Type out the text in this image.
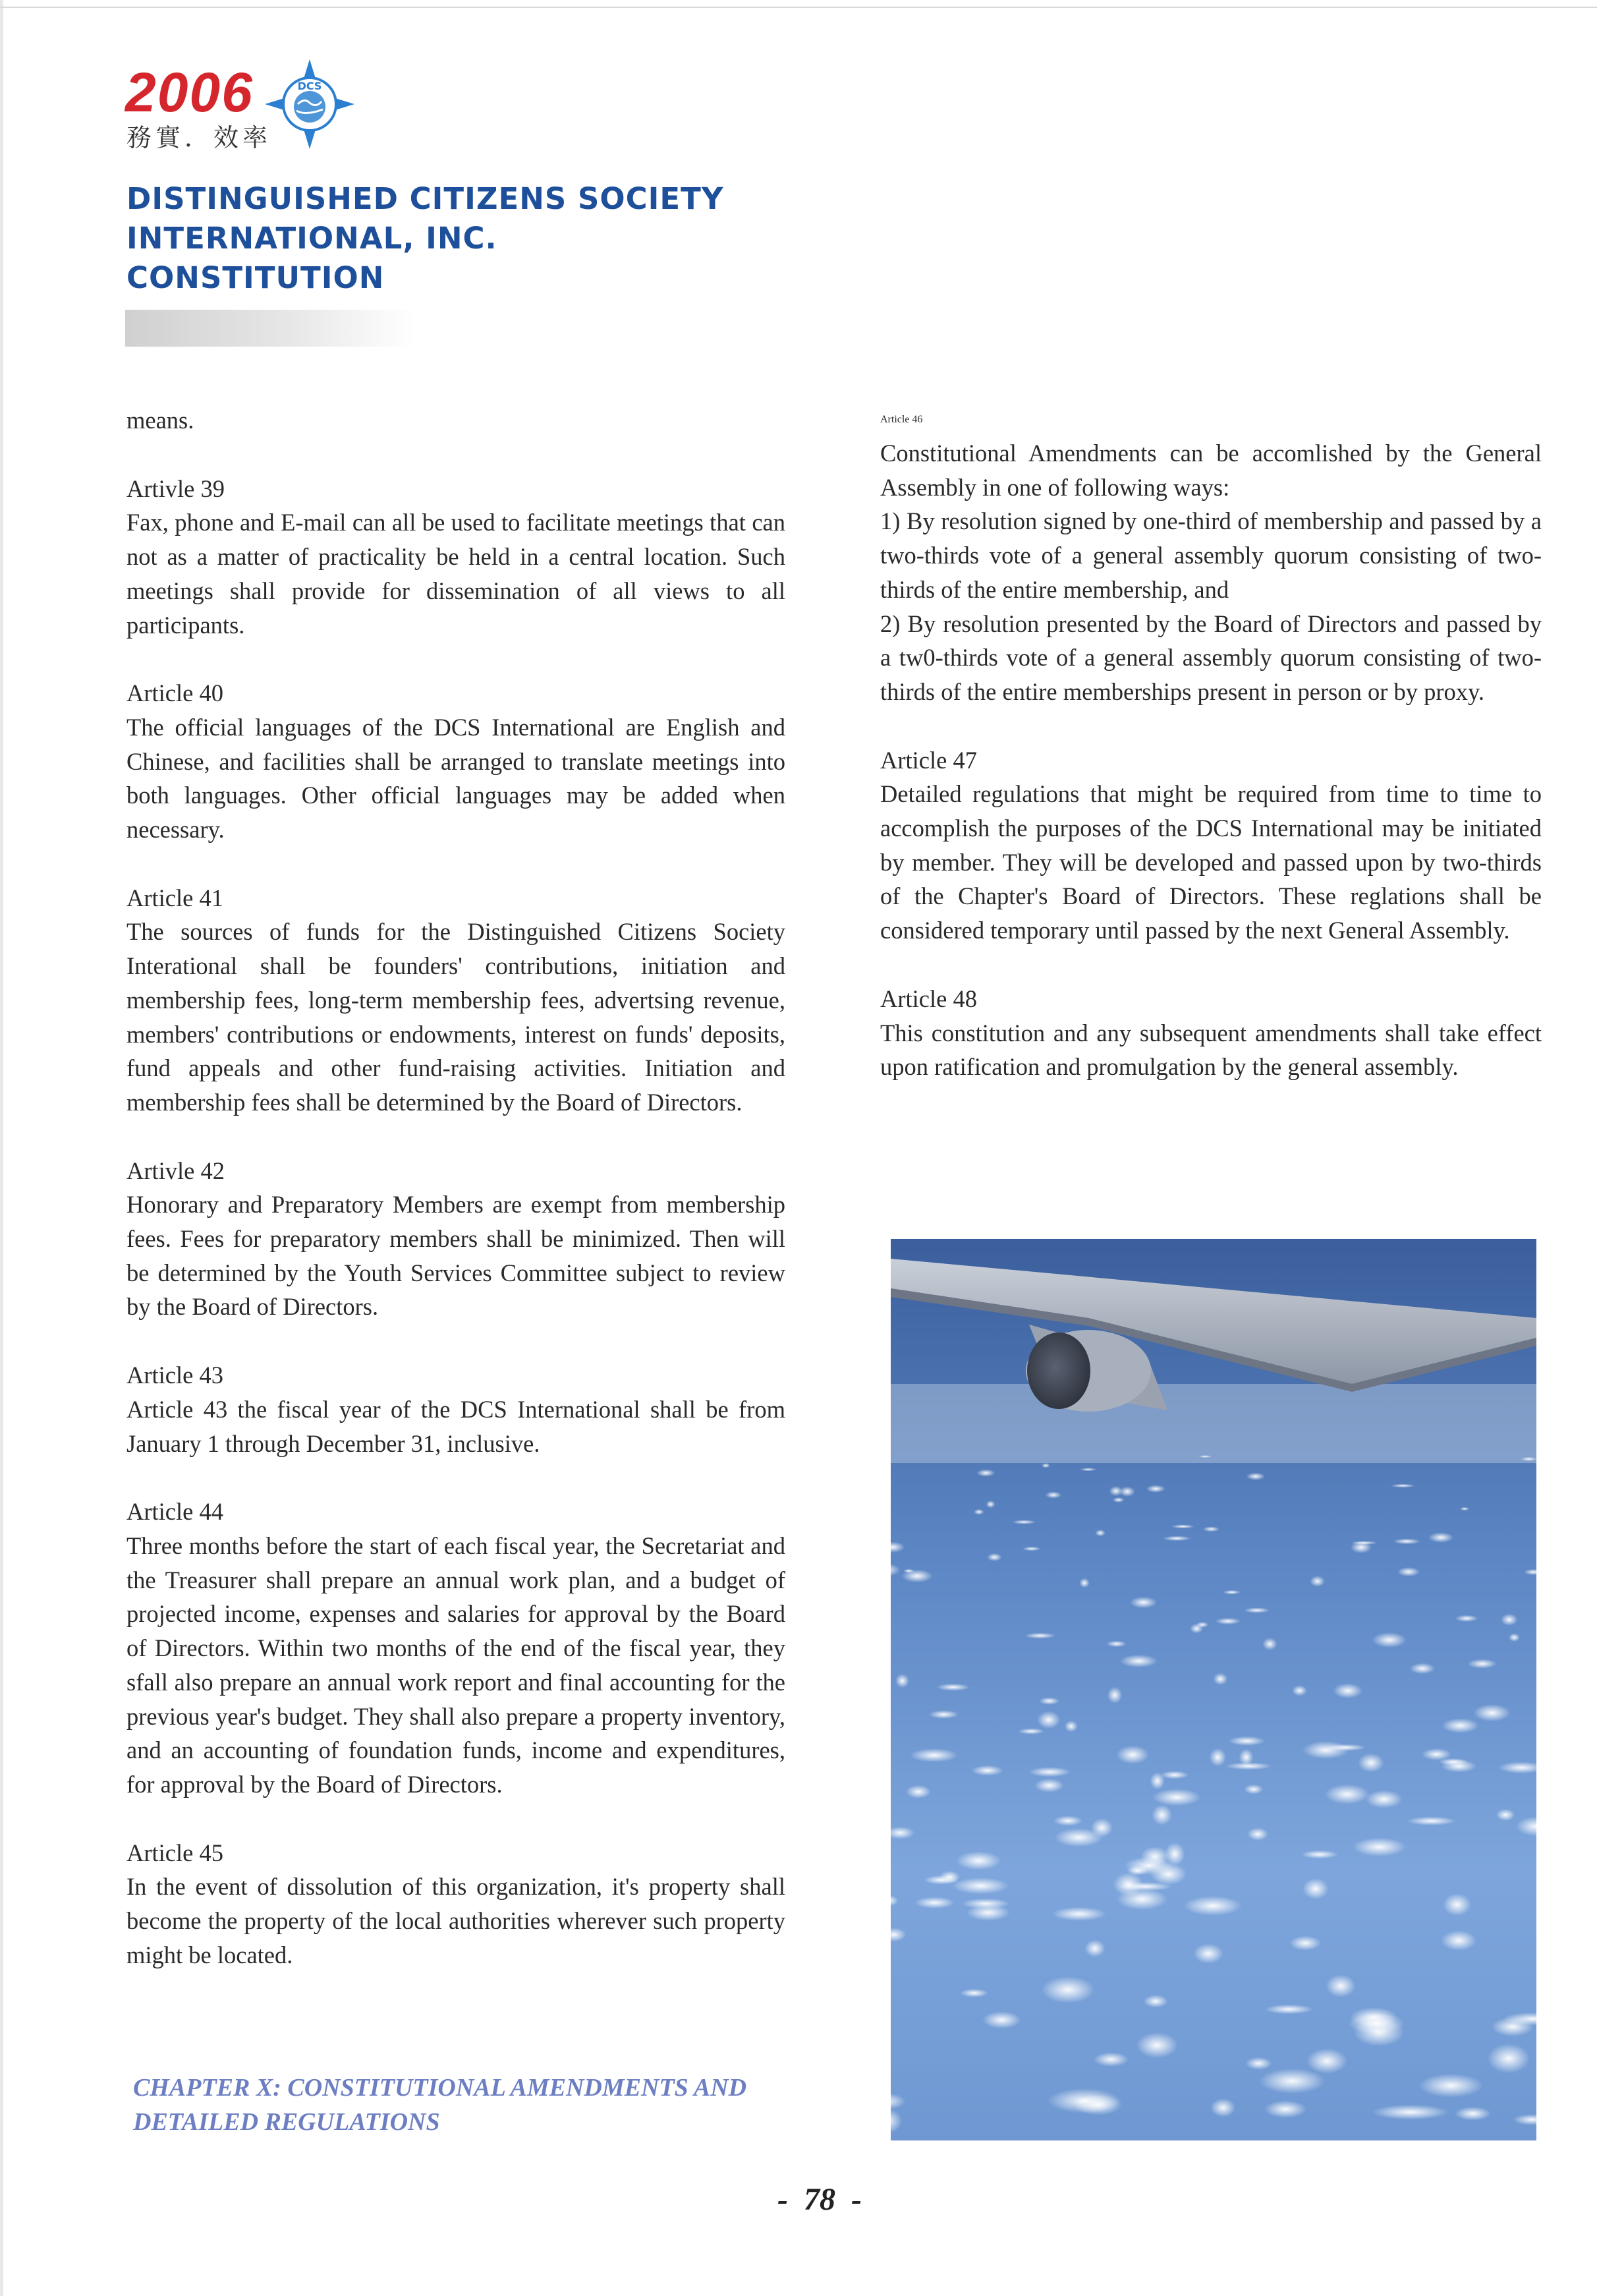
2006
務實．效率
DCS
DISTINGUISHED CITIZENS SOCIETY
INTERNATIONAL, INC.
CONSTITUTION

means.

Artivle 39

Fax, phone and E-mail can all be used to facilitate meetings that can not as a matter of practicality be held in a central location. Such meetings shall provide for dissemination of all views to all participants.

Article 40

The official languages of the DCS International are English and Chinese, and facilities shall be arranged to translate meetings into both languages. Other official languages may be added when necessary.

Article 41

The sources of funds for the Distinguished Citizens Society Interational shall be founders' contributions, initiation and membership fees, long-term membership fees, advertsing revenue, members' contributions or endowments, interest on funds' deposits, fund appeals and other fund-raising activities. Initiation and membership fees shall be determined by the Board of Directors.

Artivle 42

Honorary and Preparatory Members are exempt from membership fees. Fees for preparatory members shall be minimized. Then will be determined by the Youth Services Committee subject to review by the Board of Directors.

Article 43

Article 43 the fiscal year of the DCS International shall be from January 1 through December 31, inclusive.

Article 44

Three months before the start of each fiscal year, the Secretariat and the Treasurer shall prepare an annual work plan, and a budget of projected income, expenses and salaries for approval by the Board of Directors. Within two months of the end of the fiscal year, they sfall also prepare an annual work report and final accounting for the previous year's budget. They shall also prepare a property inventory, and an accounting of foundation funds, income and expenditures, for approval by the Board of Directors.

Article 45

In the event of dissolution of this organization, it's property shall become the property of the local authorities wherever such property might be located.

CHAPTER X: CONSTITUTIONAL AMENDMENTS AND
DETAILED REGULATIONS

Article 46

Constitutional Amendments can be accomlished by the General Assembly in one of following ways:

1) By resolution signed by one-third of membership and passed by a two-thirds vote of a general assembly quorum consisting of two-thirds of the entire membership, and

2) By resolution presented by the Board of Directors and passed by a tw0-thirds vote of a general assembly quorum consisting of two-thirds of the entire memberships present in person or by proxy.

Article 47

Detailed regulations that might be required from time to time to accomplish the purposes of the DCS International may be initiated by member. They will be developed and passed upon by two-thirds of the Chapter's Board of Directors. These reglations shall be considered temporary until passed by the next General Assembly.

Article 48

This constitution and any subsequent amendments shall take effect upon ratification and promulgation by the general assembly.

-  78  -
